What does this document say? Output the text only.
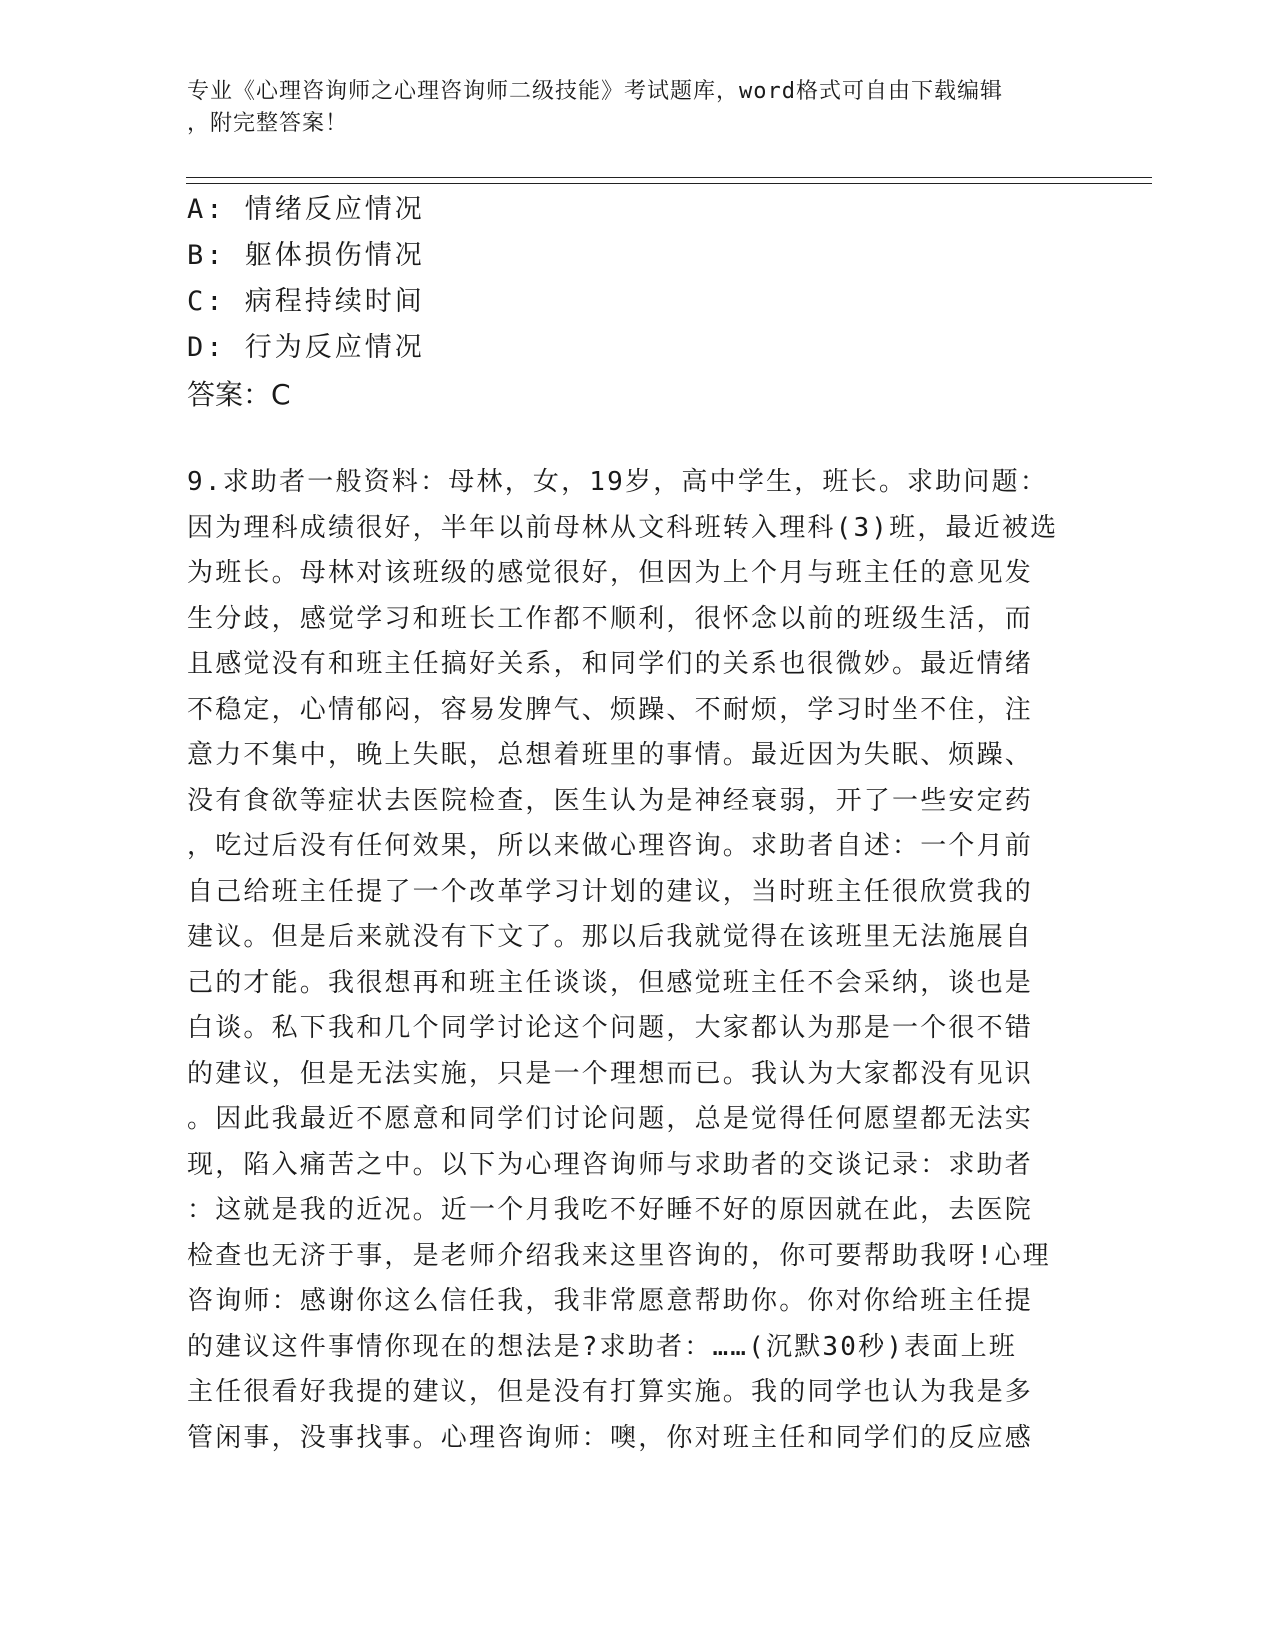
专业《心理咨询师之心理咨询师二级技能》考试题库，word格式可自由下载编辑
，附完整答案！
A: 情绪反应情况
B: 躯体损伤情况
C: 病程持续时间
D: 行为反应情况
答案：C
9.求助者一般资料：母林，女，19岁，高中学生，班长。求助问题：
因为理科成绩很好，半年以前母林从文科班转入理科(3)班，最近被选
为班长。母林对该班级的感觉很好，但因为上个月与班主任的意见发
生分歧，感觉学习和班长工作都不顺利，很怀念以前的班级生活，而
且感觉没有和班主任搞好关系，和同学们的关系也很微妙。最近情绪
不稳定，心情郁闷，容易发脾气、烦躁、不耐烦，学习时坐不住，注
意力不集中，晚上失眠，总想着班里的事情。最近因为失眠、烦躁、
没有食欲等症状去医院检查，医生认为是神经衰弱，开了一些安定药
，吃过后没有任何效果，所以来做心理咨询。求助者自述：一个月前
自己给班主任提了一个改革学习计划的建议，当时班主任很欣赏我的
建议。但是后来就没有下文了。那以后我就觉得在该班里无法施展自
己的才能。我很想再和班主任谈谈，但感觉班主任不会采纳，谈也是
白谈。私下我和几个同学讨论这个问题，大家都认为那是一个很不错
的建议，但是无法实施，只是一个理想而已。我认为大家都没有见识
。因此我最近不愿意和同学们讨论问题，总是觉得任何愿望都无法实
现，陷入痛苦之中。以下为心理咨询师与求助者的交谈记录：求助者
：这就是我的近况。近一个月我吃不好睡不好的原因就在此，去医院
检查也无济于事，是老师介绍我来这里咨询的，你可要帮助我呀!心理
咨询师：感谢你这么信任我，我非常愿意帮助你。你对你给班主任提
的建议这件事情你现在的想法是?求助者：……(沉默30秒)表面上班
主任很看好我提的建议，但是没有打算实施。我的同学也认为我是多
管闲事，没事找事。心理咨询师：噢，你对班主任和同学们的反应感
